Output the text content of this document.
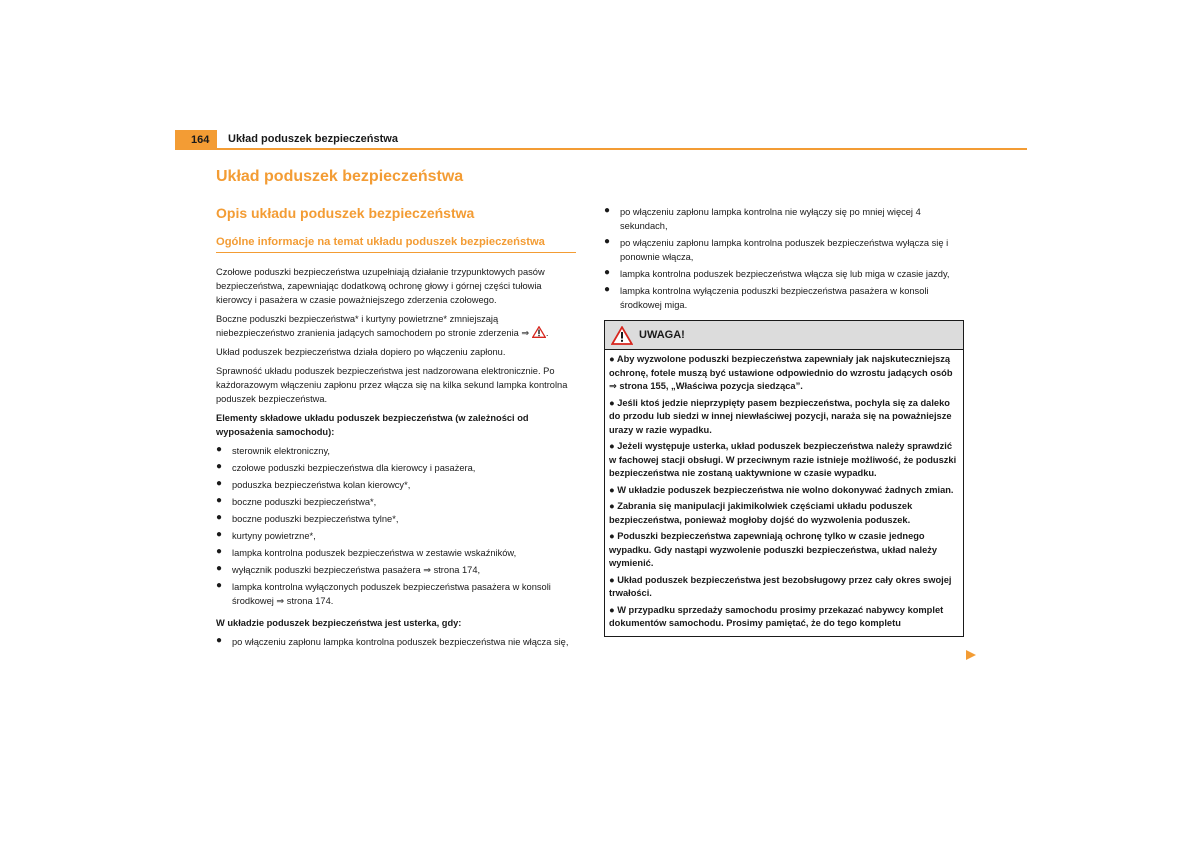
164	Układ poduszek bezpieczeństwa
Układ poduszek bezpieczeństwa
Opis układu poduszek bezpieczeństwa
Ogólne informacje na temat układu poduszek bezpieczeństwa

Czołowe poduszki bezpieczeństwa uzupełniają działanie trzypunktowych pasów bezpieczeństwa, zapewniając dodatkową ochronę głowy i górnej części tułowia kierowcy i pasażera w czasie poważniejszego zderzenia czołowego.

Boczne poduszki bezpieczeństwa* i kurtyny powietrzne* zmniejszają niebezpieczeństwo zranienia jadących samochodem po stronie zderzenia ⇒ .

Układ poduszek bezpieczeństwa działa dopiero po włączeniu zapłonu.

Sprawność układu poduszek bezpieczeństwa jest nadzorowana elektronicznie. Po każdorazowym włączeniu zapłonu przez włącza się na kilka sekund lampka kontrolna poduszek bezpieczeństwa.

Elementy składowe układu poduszek bezpieczeństwa (w zależności od wyposażenia samochodu):

● sterownik elektroniczny,
● czołowe poduszki bezpieczeństwa dla kierowcy i pasażera,
● poduszka bezpieczeństwa kolan kierowcy*,
● boczne poduszki bezpieczeństwa*,
● boczne poduszki bezpieczeństwa tylne*,
● kurtyny powietrzne*,
● lampka kontrolna poduszek bezpieczeństwa w zestawie wskaźników,
● wyłącznik poduszki bezpieczeństwa pasażera ⇒ strona 174,
● lampka kontrolna wyłączonych poduszek bezpieczeństwa pasażera w konsoli środkowej ⇒ strona 174.

W układzie poduszek bezpieczeństwa jest usterka, gdy:

● po włączeniu zapłonu lampka kontrolna poduszek bezpieczeństwa nie włącza się,
● po włączeniu zapłonu lampka kontrolna nie wyłączy się po mniej więcej 4 sekundach,
● po włączeniu zapłonu lampka kontrolna poduszek bezpieczeństwa wyłącza się i ponownie włącza,
● lampka kontrolna poduszek bezpieczeństwa włącza się lub miga w czasie jazdy,
● lampka kontrolna wyłączenia poduszki bezpieczeństwa pasażera w konsoli środkowej miga.
UWAGA!

● Aby wyzwolone poduszki bezpieczeństwa zapewniały jak najskuteczniejszą ochronę, fotele muszą być ustawione odpowiednio do wzrostu jadących osób ⇒ strona 155, „Właściwa pozycja siedząca”.

● Jeśli ktoś jedzie nieprzypięty pasem bezpieczeństwa, pochyla się za daleko do przodu lub siedzi w innej niewłaściwej pozycji, naraża się na poważniejsze urazy w razie wypadku.

● Jeżeli występuje usterka, układ poduszek bezpieczeństwa należy sprawdzić w fachowej stacji obsługi. W przeciwnym razie istnieje możliwość, że poduszki bezpieczeństwa nie zostaną uaktywnione w czasie wypadku.

● W układzie poduszek bezpieczeństwa nie wolno dokonywać żadnych zmian.

● Zabrania się manipulacji jakimikolwiek częściami układu poduszek bezpieczeństwa, ponieważ mogłoby dojść do wyzwolenia poduszek.

● Poduszki bezpieczeństwa zapewniają ochronę tylko w czasie jednego wypadku. Gdy nastąpi wyzwolenie poduszki bezpieczeństwa, układ należy wymienić.

● Układ poduszek bezpieczeństwa jest bezobsługowy przez cały okres swojej trwałości.

● W przypadku sprzedaży samochodu prosimy przekazać nabywcy komplet dokumentów samochodu. Prosimy pamiętać, że do tego kompletu
